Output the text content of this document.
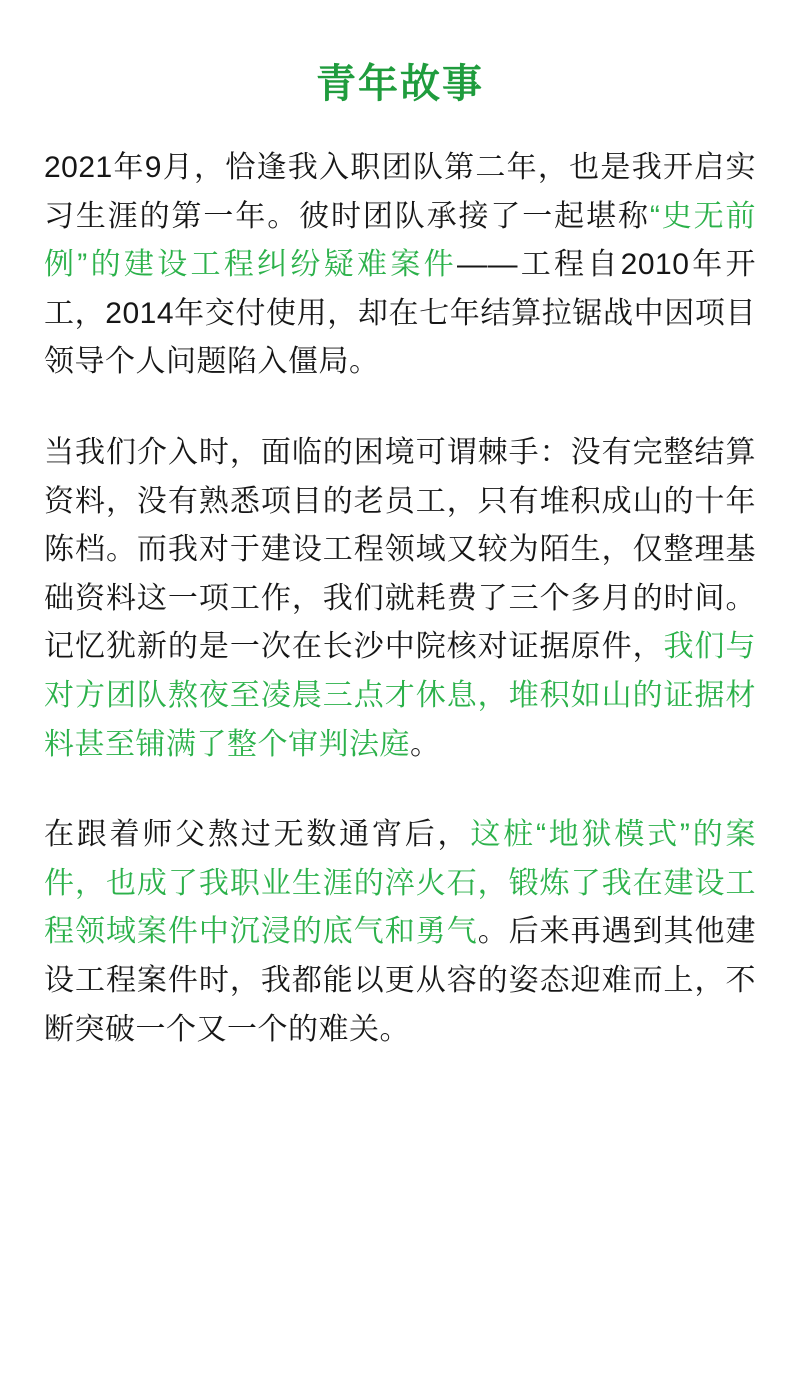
青年故事

2021年9月，恰逢我入职团队第二年，也是我开启实习生涯的第一年。彼时团队承接了一起堪称“史无前例”的建设工程纠纷疑难案件——工程自2010年开工，2014年交付使用，却在七年结算拉锯战中因项目领导个人问题陷入僵局。

当我们介入时，面临的困境可谓棘手：没有完整结算资料，没有熟悉项目的老员工，只有堆积成山的十年陈档。而我对于建设工程领域又较为陌生，仅整理基础资料这一项工作，我们就耗费了三个多月的时间。记忆犹新的是一次在长沙中院核对证据原件，我们与对方团队熬夜至凌晨三点才休息，堆积如山的证据材料甚至铺满了整个审判法庭。

在跟着师父熬过无数通宵后，这桩“地狱模式”的案件，也成了我职业生涯的淬火石，锻炼了我在建设工程领域案件中沉浸的底气和勇气。后来再遇到其他建设工程案件时，我都能以更从容的姿态迎难而上，不断突破一个又一个的难关。
